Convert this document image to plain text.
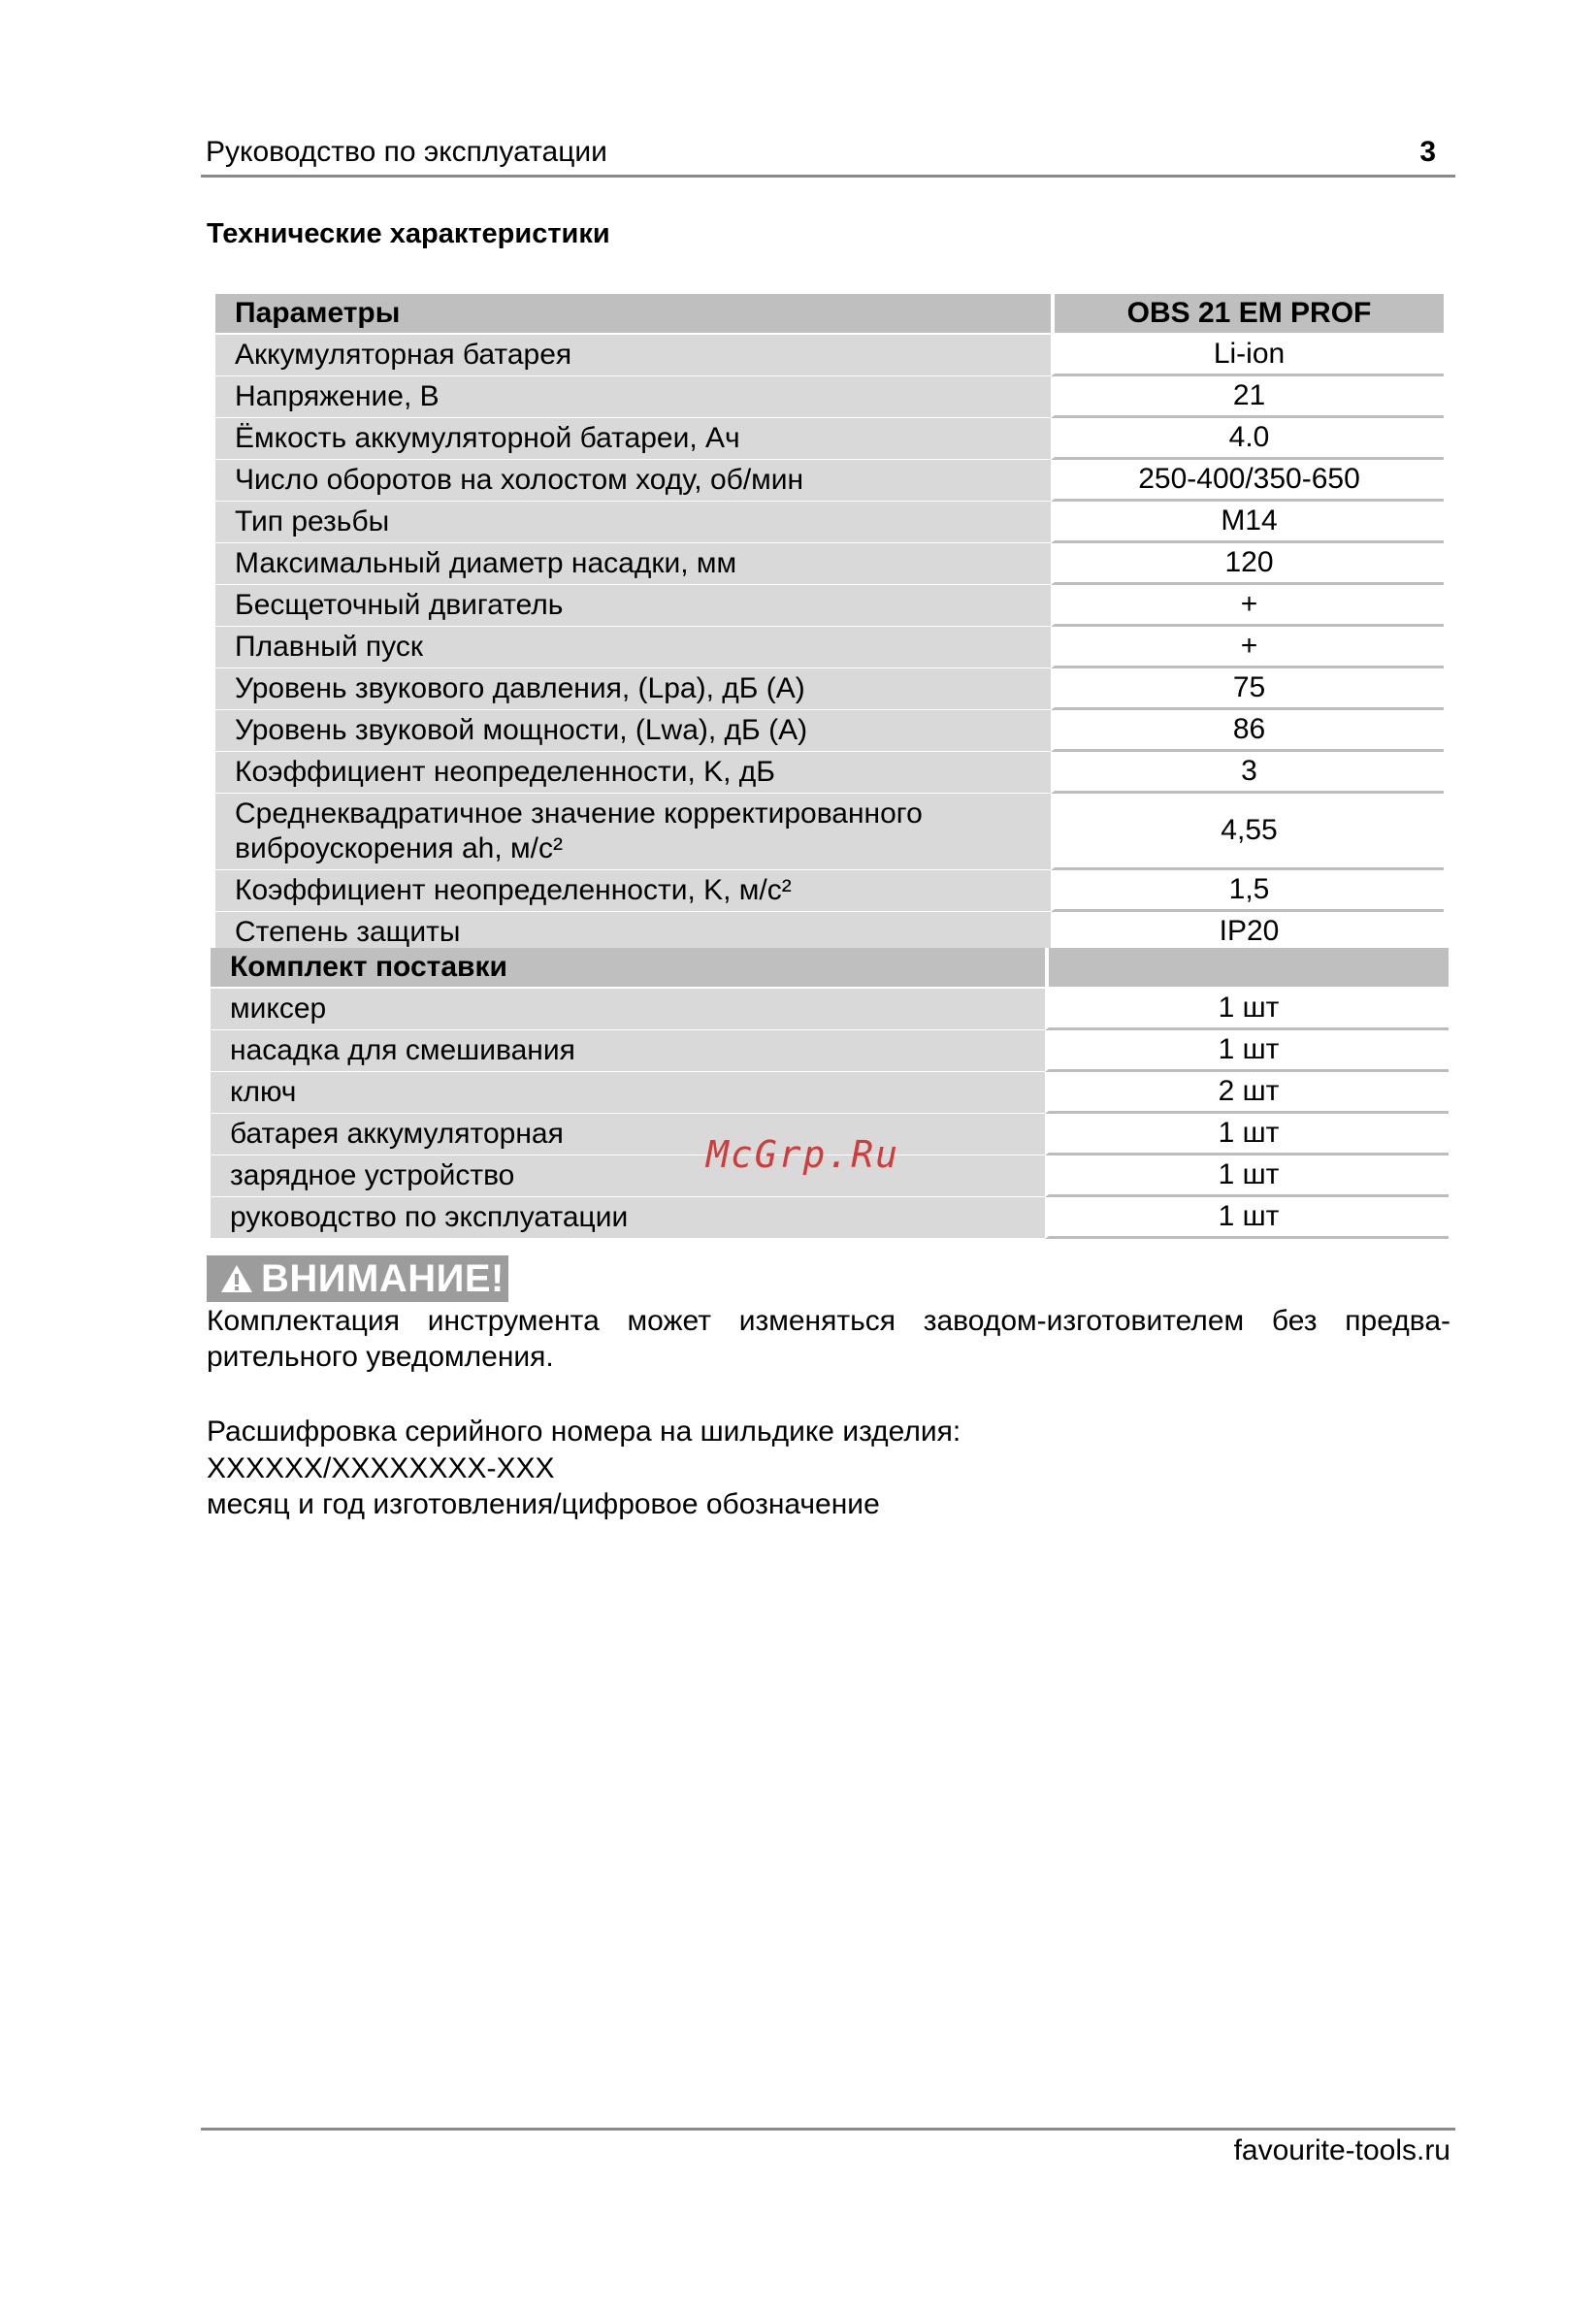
Руководство по эксплуатации	3
Технические характеристики
Параметры	OBS 21 EM PROF
Аккумуляторная батарея	Li-ion
Напряжение, В	21
Ёмкость аккумуляторной батареи, Ач	4.0
Число оборотов на холостом ходу, об/мин	250-400/350-650
Тип резьбы	M14
Максимальный диаметр насадки, мм	120
Бесщеточный двигатель	+
Плавный пуск	+
Уровень звукового давления, (Lpa), дБ (A)	75
Уровень звуковой мощности, (Lwa), дБ (A)	86
Коэффициент неопределенности, K, дБ	3
Среднеквадратичное значение корректированного виброускорения ah, м/с²	4,55
Коэффициент неопределенности, K, м/с²	1,5
Степень защиты	IP20
Комплект поставки	
миксер	1 шт
насадка для смешивания	1 шт
ключ	2 шт
батарея аккумуляторная	1 шт
зарядное устройство	1 шт
руководство по эксплуатации	1 шт
McGrp.Ru
ВНИМАНИЕ!
Комплектация инструмента может изменяться заводом-изготовителем без предва-рительного уведомления.
Расшифровка серийного номера на шильдике изделия:
XXXXXX/XXXXXXXX-XXX
месяц и год изготовления/цифровое обозначение
favourite-tools.ru
